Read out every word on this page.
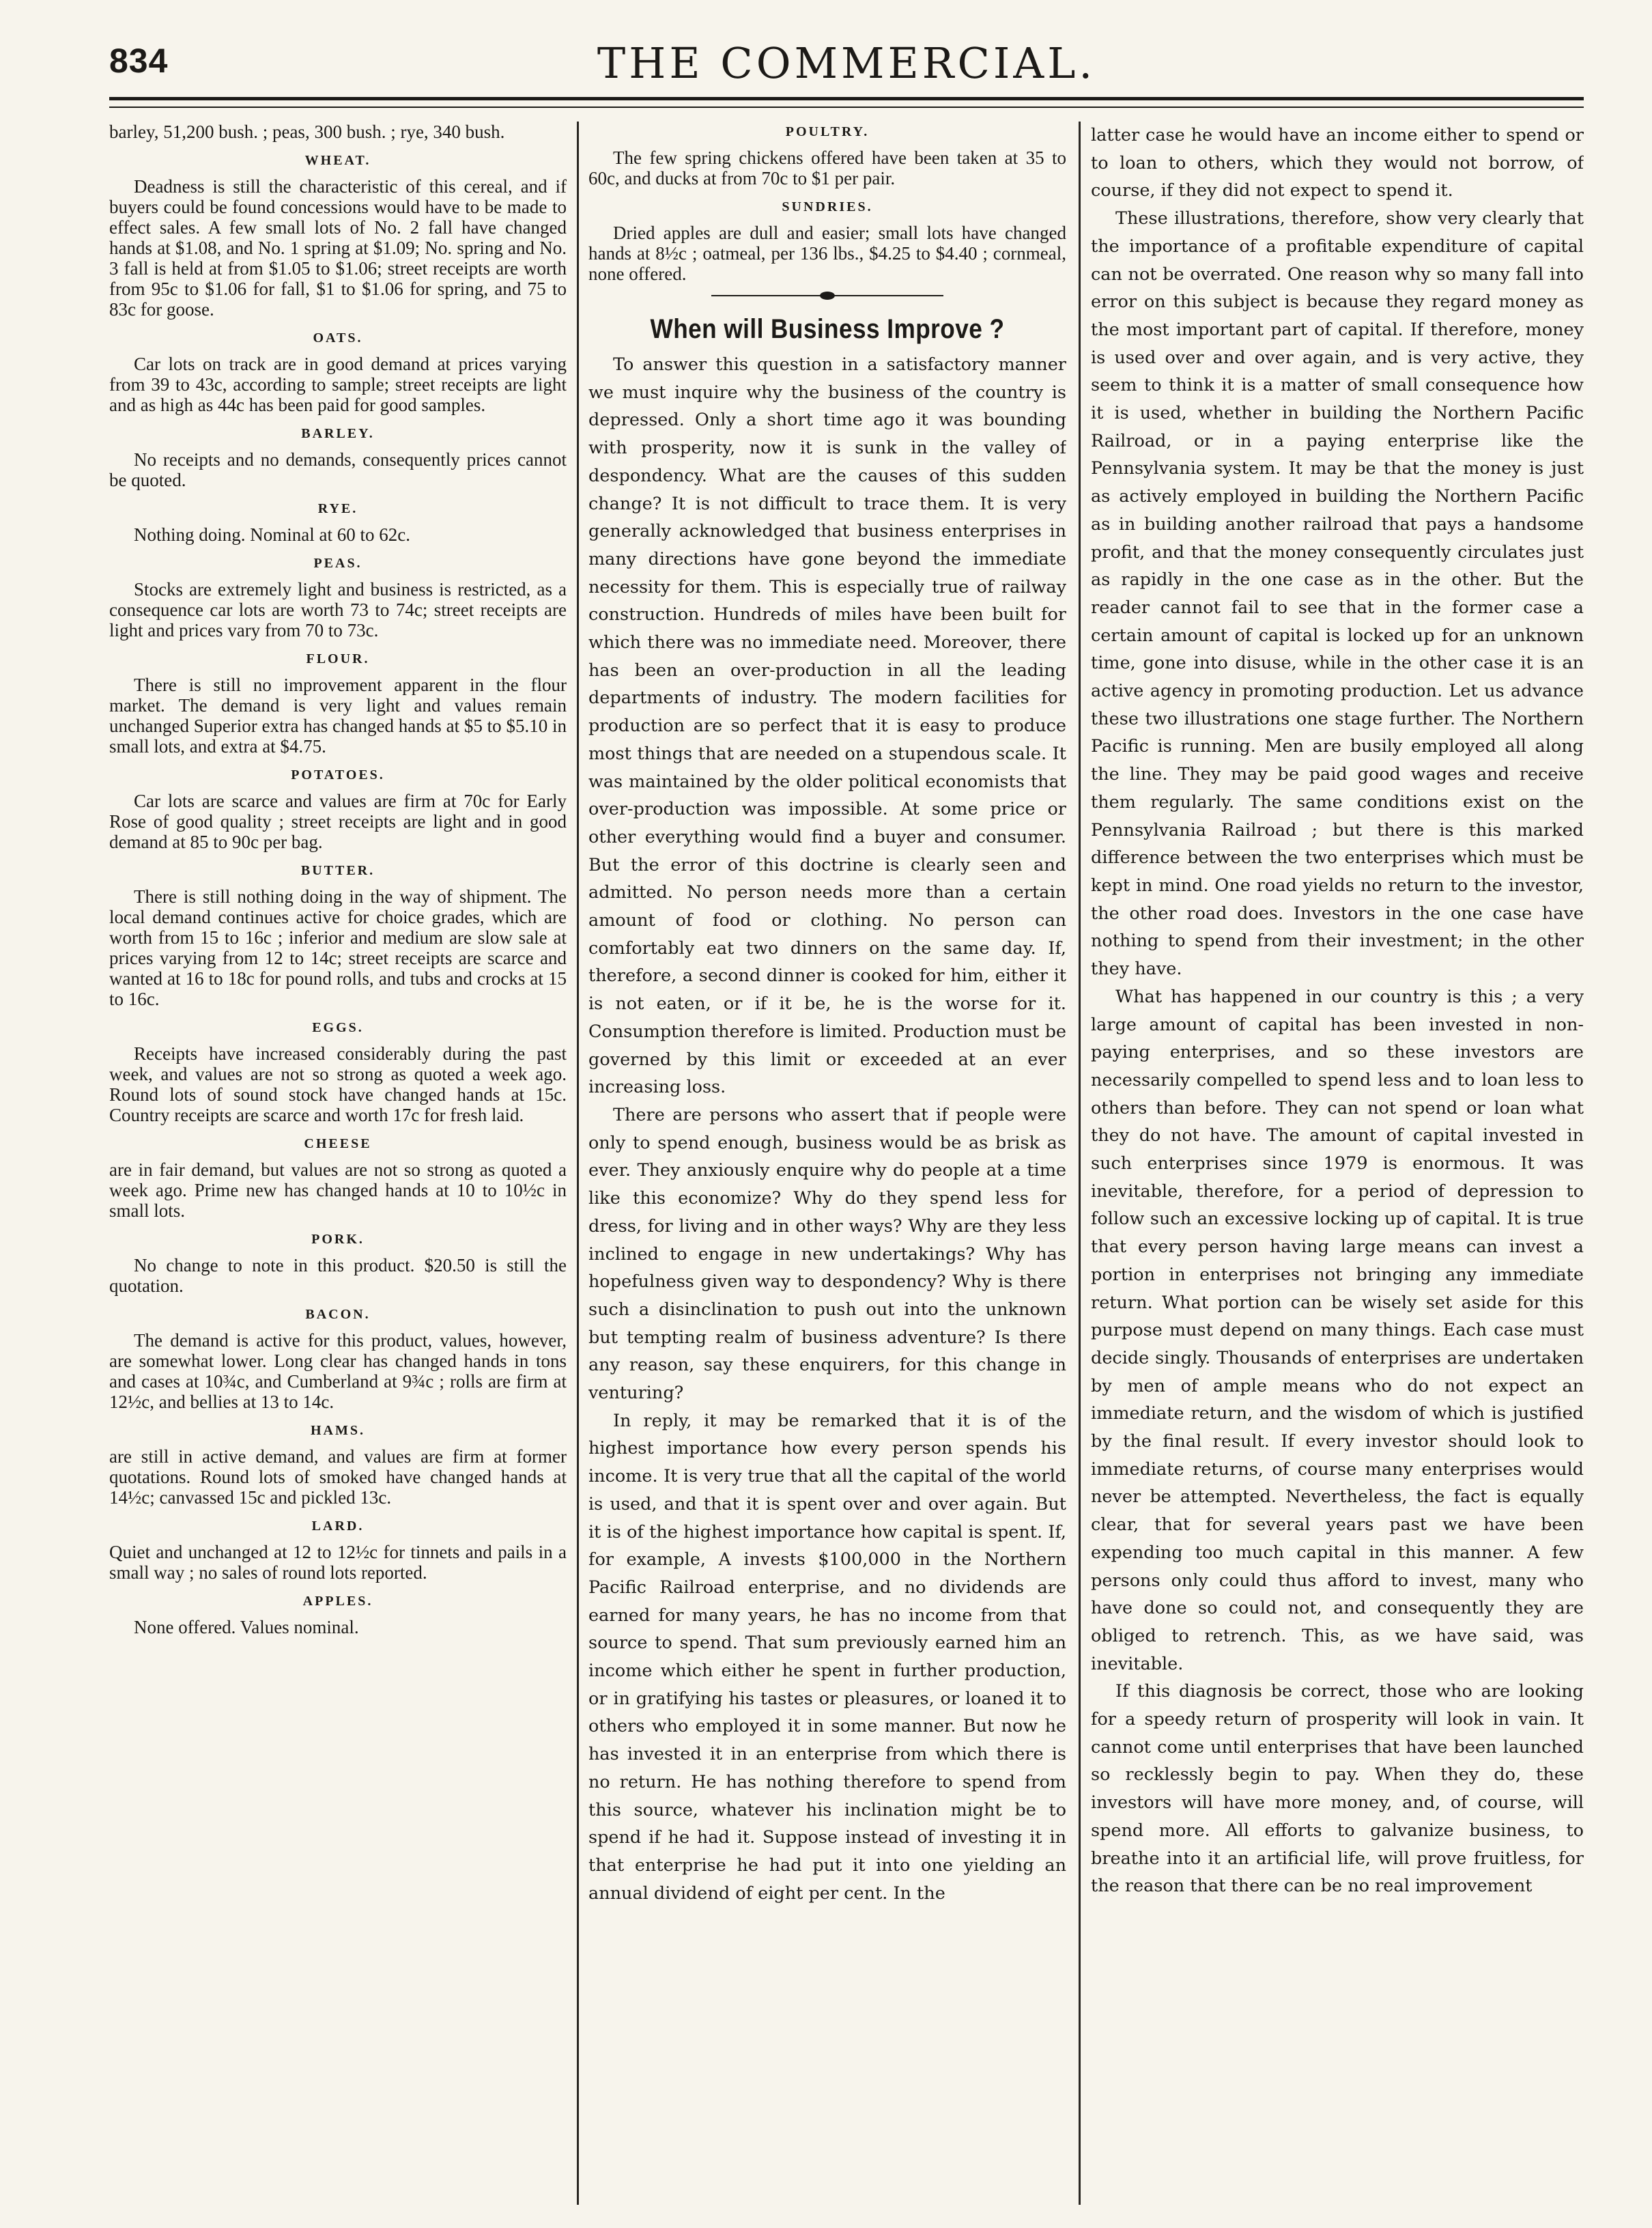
834	THE COMMERCIAL.

barley, 51,200 bush. ; peas, 300 bush. ; rye, 340 bush.

WHEAT.

Deadness is still the characteristic of this cereal, and if buyers could be found concessions would have to be made to effect sales. A few small lots of No. 2 fall have changed hands at $1.08, and No. 1 spring at $1.09; No. spring and No. 3 fall is held at from $1.05 to $1.06; street receipts are worth from 95c to $1.06 for fall, $1 to $1.06 for spring, and 75 to 83c for goose.

OATS.

Car lots on track are in good demand at prices varying from 39 to 43c, according to sample; street receipts are light and as high as 44c has been paid for good samples.

BARLEY.

No receipts and no demands, consequently prices cannot be quoted.

RYE.

Nothing doing. Nominal at 60 to 62c.

PEAS.

Stocks are extremely light and business is restricted, as a consequence car lots are worth 73 to 74c; street receipts are light and prices vary from 70 to 73c.

FLOUR.

There is still no improvement apparent in the flour market. The demand is very light and values remain unchanged Superior extra has changed hands at $5 to $5.10 in small lots, and extra at $4.75.

POTATOES.

Car lots are scarce and values are firm at 70c for Early Rose of good quality ; street receipts are light and in good demand at 85 to 90c per bag.

BUTTER.

There is still nothing doing in the way of shipment. The local demand continues active for choice grades, which are worth from 15 to 16c ; inferior and medium are slow sale at prices varying from 12 to 14c; street receipts are scarce and wanted at 16 to 18c for pound rolls, and tubs and crocks at 15 to 16c.

EGGS.

Receipts have increased considerably during the past week, and values are not so strong as quoted a week ago. Round lots of sound stock have changed hands at 15c. Country receipts are scarce and worth 17c for fresh laid.

CHEESE

are in fair demand, but values are not so strong as quoted a week ago. Prime new has changed hands at 10 to 10½c in small lots.

PORK.

No change to note in this product. $20.50 is still the quotation.

BACON.

The demand is active for this product, values, however, are somewhat lower. Long clear has changed hands in tons and cases at 10¾c, and Cumberland at 9¾c ; rolls are firm at 12½c, and bellies at 13 to 14c.

HAMS.

are still in active demand, and values are firm at former quotations. Round lots of smoked have changed hands at 14½c; canvassed 15c and pickled 13c.

LARD.

Quiet and unchanged at 12 to 12½c for tinnets and pails in a small way ; no sales of round lots reported.

APPLES.

None offered. Values nominal.

POULTRY.

The few spring chickens offered have been taken at 35 to 60c, and ducks at from 70c to $1 per pair.

SUNDRIES.

Dried apples are dull and easier; small lots have changed hands at 8½c ; oatmeal, per 136 lbs., $4.25 to $4.40 ; cornmeal, none offered.

When will Business Improve ?

To answer this question in a satisfactory manner we must inquire why the business of the country is depressed. Only a short time ago it was bounding with prosperity, now it is sunk in the valley of despondency. What are the causes of this sudden change? It is not difficult to trace them. It is very generally acknowledged that business enterprises in many directions have gone beyond the immediate necessity for them. This is especially true of railway construction. Hundreds of miles have been built for which there was no immediate need. Moreover, there has been an over-production in all the leading departments of industry. The modern facilities for production are so perfect that it is easy to produce most things that are needed on a stupendous scale. It was maintained by the older political economists that over-production was impossible. At some price or other everything would find a buyer and consumer. But the error of this doctrine is clearly seen and admitted. No person needs more than a certain amount of food or clothing. No person can comfortably eat two dinners on the same day. If, therefore, a second dinner is cooked for him, either it is not eaten, or if it be, he is the worse for it. Consumption therefore is limited. Production must be governed by this limit or exceeded at an ever increasing loss.

There are persons who assert that if people were only to spend enough, business would be as brisk as ever. They anxiously enquire why do people at a time like this economize? Why do they spend less for dress, for living and in other ways? Why are they less inclined to engage in new undertakings? Why has hopefulness given way to despondency? Why is there such a disinclination to push out into the unknown but tempting realm of business adventure? Is there any reason, say these enquirers, for this change in venturing?

In reply, it may be remarked that it is of the highest importance how every person spends his income. It is very true that all the capital of the world is used, and that it is spent over and over again. But it is of the highest importance how capital is spent. If, for example, A invests $100,000 in the Northern Pacific Railroad enterprise, and no dividends are earned for many years, he has no income from that source to spend. That sum previously earned him an income which either he spent in further production, or in gratifying his tastes or pleasures, or loaned it to others who employed it in some manner. But now he has invested it in an enterprise from which there is no return. He has nothing therefore to spend from this source, whatever his inclination might be to spend if he had it. Suppose instead of investing it in that enterprise he had put it into one yielding an annual dividend of eight per cent. In the

latter case he would have an income either to spend or to loan to others, which they would not borrow, of course, if they did not expect to spend it.

These illustrations, therefore, show very clearly that the importance of a profitable expenditure of capital can not be overrated. One reason why so many fall into error on this subject is because they regard money as the most important part of capital. If therefore, money is used over and over again, and is very active, they seem to think it is a matter of small consequence how it is used, whether in building the Northern Pacific Railroad, or in a paying enterprise like the Pennsylvania system. It may be that the money is just as actively employed in building the Northern Pacific as in building another railroad that pays a handsome profit, and that the money consequently circulates just as rapidly in the one case as in the other. But the reader cannot fail to see that in the former case a certain amount of capital is locked up for an unknown time, gone into disuse, while in the other case it is an active agency in promoting production. Let us advance these two illustrations one stage further. The Northern Pacific is running. Men are busily employed all along the line. They may be paid good wages and receive them regularly. The same conditions exist on the Pennsylvania Railroad ; but there is this marked difference between the two enterprises which must be kept in mind. One road yields no return to the investor, the other road does. Investors in the one case have nothing to spend from their investment; in the other they have.

What has happened in our country is this ; a very large amount of capital has been invested in non-paying enterprises, and so these investors are necessarily compelled to spend less and to loan less to others than before. They can not spend or loan what they do not have. The amount of capital invested in such enterprises since 1979 is enormous. It was inevitable, therefore, for a period of depression to follow such an excessive locking up of capital. It is true that every person having large means can invest a portion in enterprises not bringing any immediate return. What portion can be wisely set aside for this purpose must depend on many things. Each case must decide singly. Thousands of enterprises are undertaken by men of ample means who do not expect an immediate return, and the wisdom of which is justified by the final result. If every investor should look to immediate returns, of course many enterprises would never be attempted. Nevertheless, the fact is equally clear, that for several years past we have been expending too much capital in this manner. A few persons only could thus afford to invest, many who have done so could not, and consequently they are obliged to retrench. This, as we have said, was inevitable.

If this diagnosis be correct, those who are looking for a speedy return of prosperity will look in vain. It cannot come until enterprises that have been launched so recklessly begin to pay. When they do, these investors will have more money, and, of course, will spend more. All efforts to galvanize business, to breathe into it an artificial life, will prove fruitless, for the reason that there can be no real improvement
